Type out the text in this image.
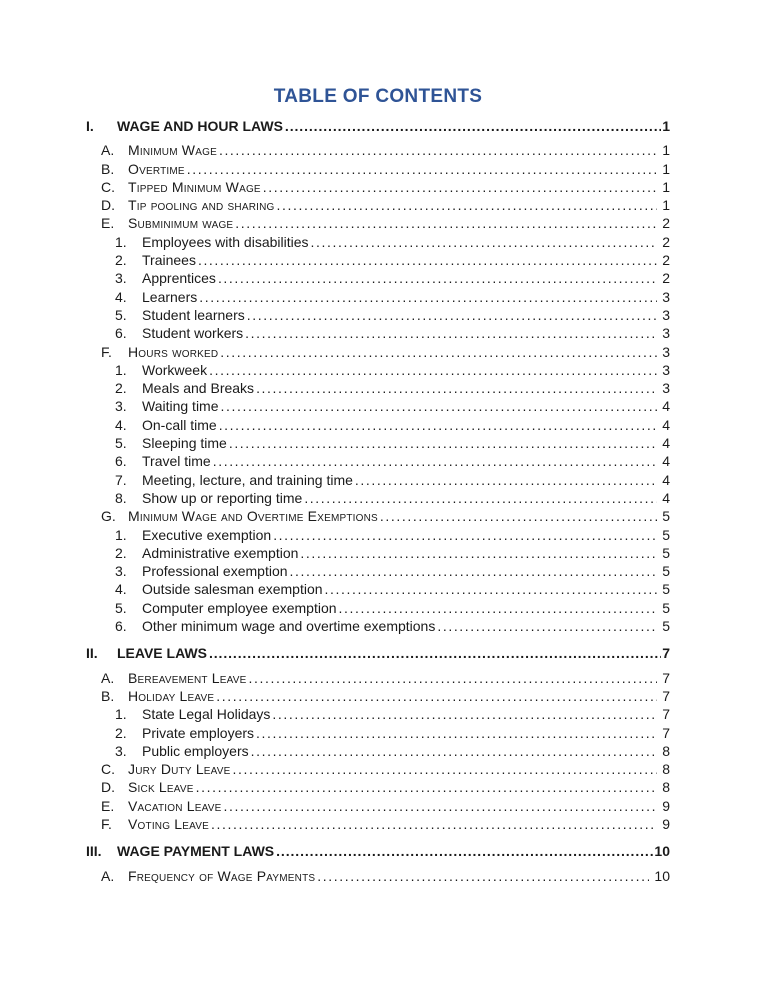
TABLE OF CONTENTS
I.	WAGE AND HOUR LAWS .....	1
A. Minimum Wage .....	1
B. Overtime .....	1
C. Tipped Minimum Wage .....	1
D. Tip pooling and sharing .....	1
E. Subminimum wage .....	2
1.	Employees with disabilities .....	2
2.	Trainees .....	2
3.	Apprentices .....	2
4.	Learners .....	3
5.	Student learners .....	3
6.	Student workers .....	3
F.	Hours worked .....	3
1.	Workweek .....	3
2.	Meals and Breaks .....	3
3.	Waiting time .....	4
4.	On-call time .....	4
5.	Sleeping time .....	4
6.	Travel time .....	4
7.	Meeting, lecture, and training time .....	4
8.	Show up or reporting time .....	4
G. Minimum Wage and Overtime Exemptions .....	5
1.	Executive exemption .....	5
2.	Administrative exemption .....	5
3.	Professional exemption .....	5
4.	Outside salesman exemption .....	5
5.	Computer employee exemption .....	5
6.	Other minimum wage and overtime exemptions .....	5
II.	LEAVE LAWS .....	7
A. Bereavement Leave .....	7
B. Holiday Leave .....	7
1.	State Legal Holidays .....	7
2.	Private employers .....	7
3.	Public employers .....	8
C. Jury Duty Leave .....	8
D. Sick Leave .....	8
E. Vacation Leave .....	9
F.	Voting Leave .....	9
III.	WAGE PAYMENT LAWS .....	10
A. Frequency of Wage Payments .....	10
